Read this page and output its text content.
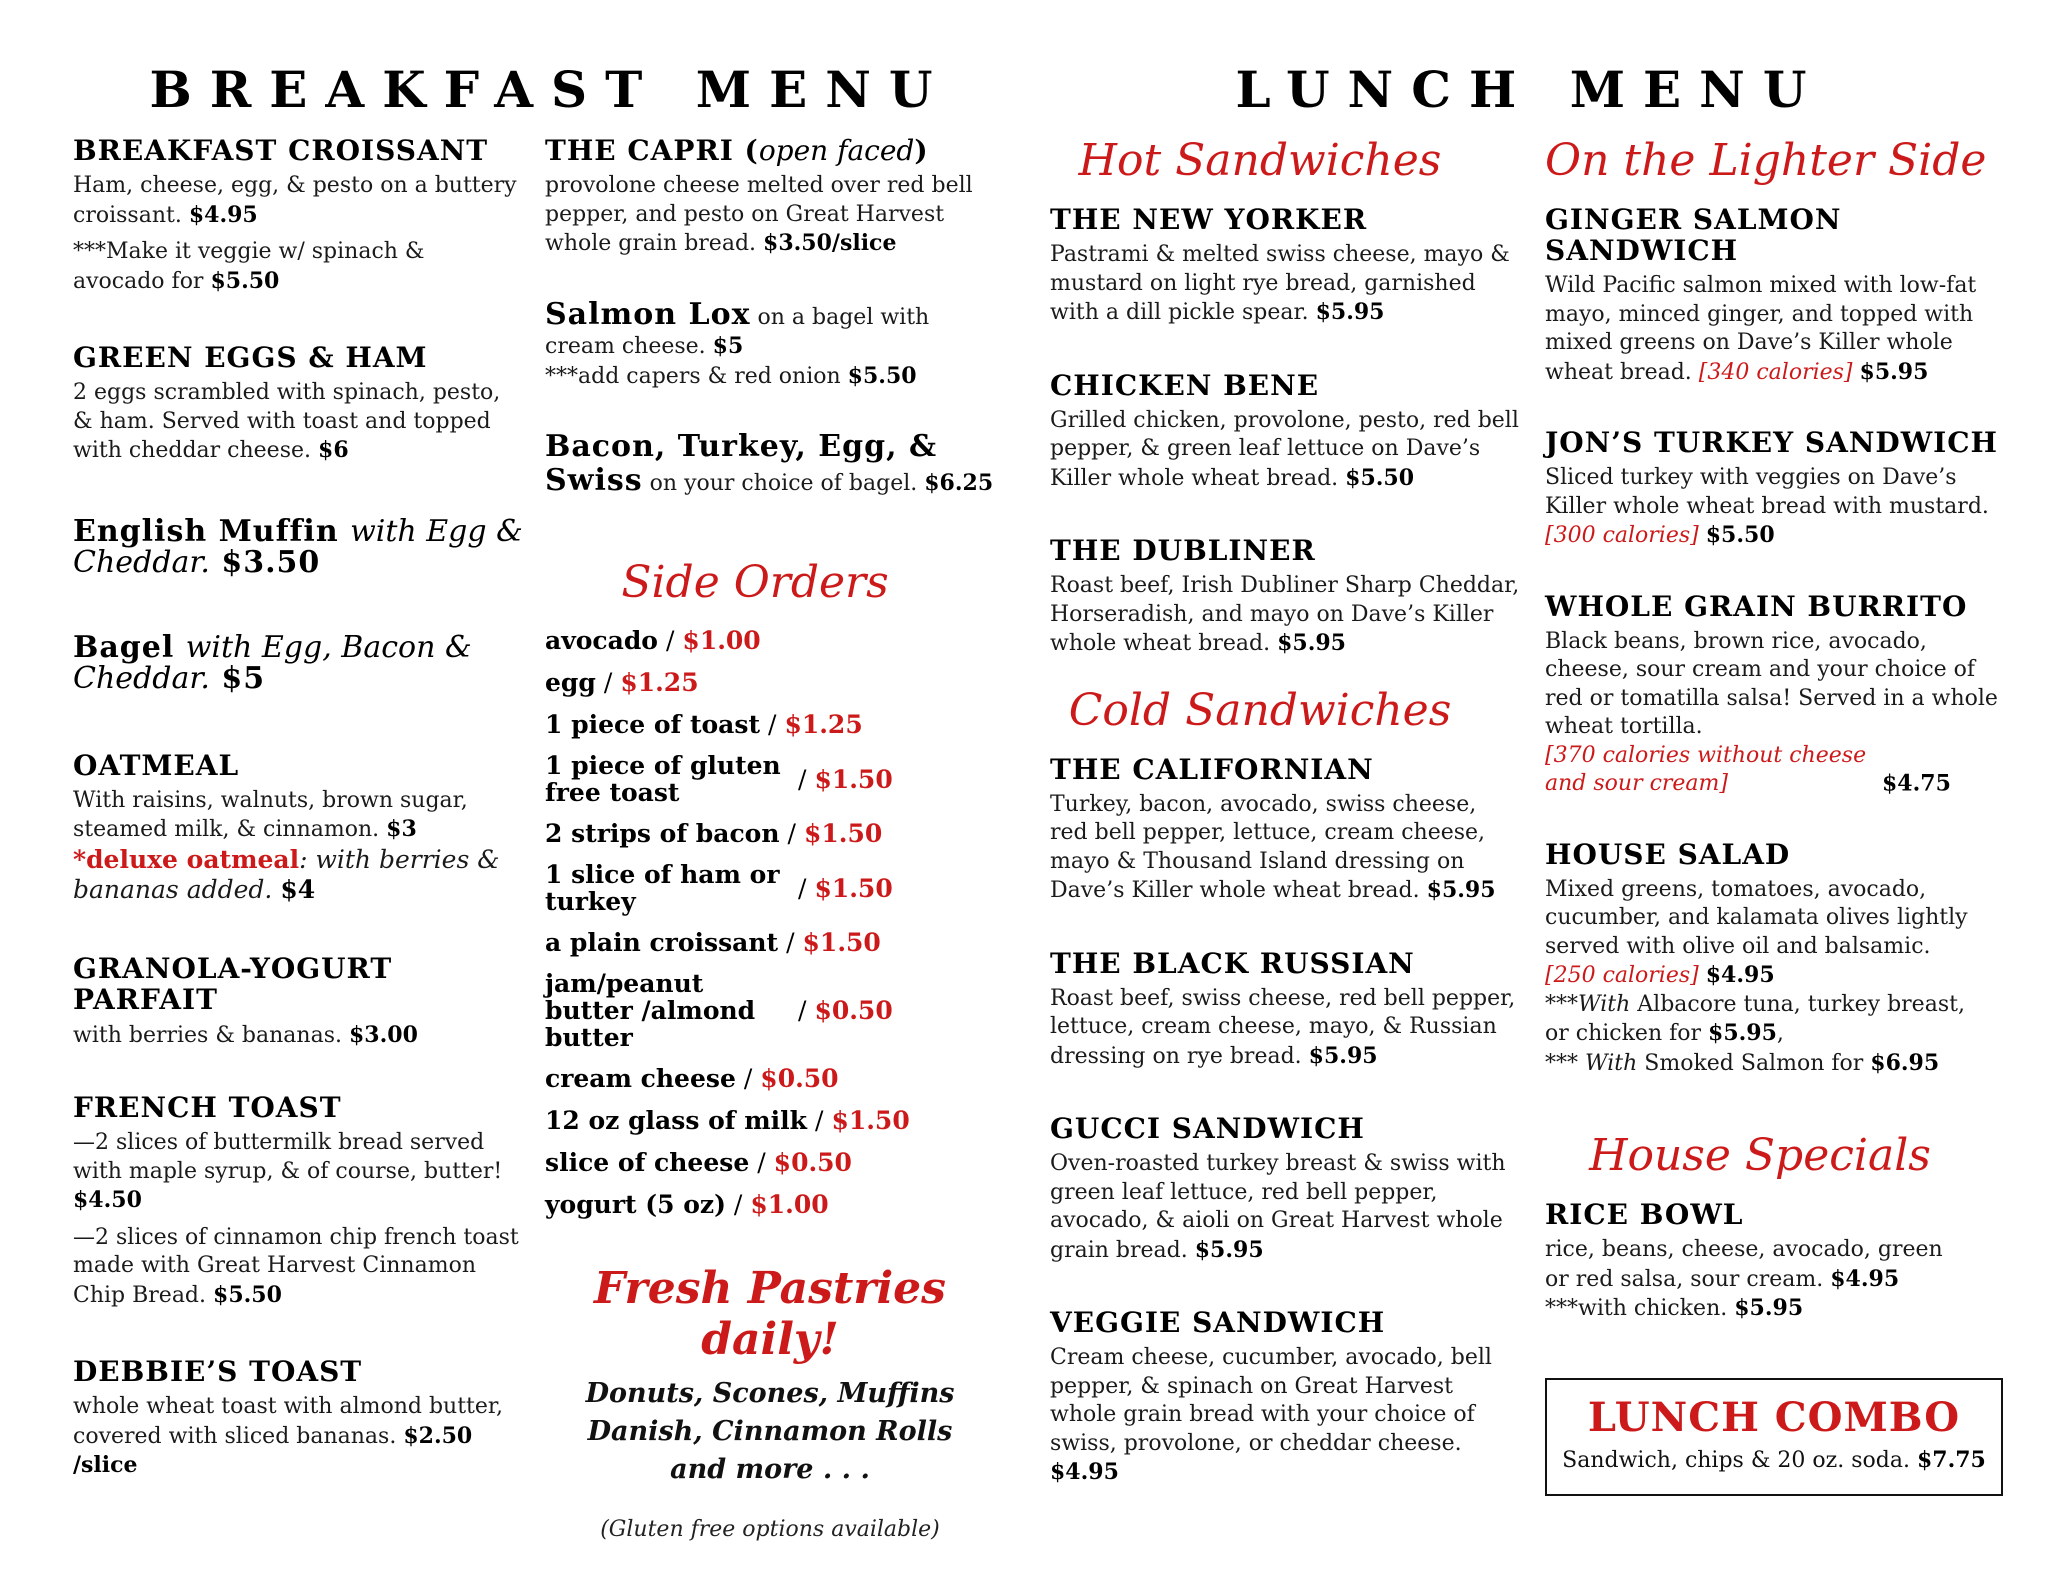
BREAKFAST MENU	LUNCH MENU
BREAKFAST CROISSANT

Ham, cheese, egg, & pesto on a buttery croissant. $4.95

***Make it veggie w/ spinach & avocado for $5.50

GREEN EGGS & HAM

2 eggs scrambled with spinach, pesto, & ham. Served with toast and topped with cheddar cheese. $6

English Muffin with Egg & Cheddar. $3.50
Bagel with Egg, Bacon & Cheddar. $5
OATMEAL

With raisins, walnuts, brown sugar, steamed milk, & cinnamon. $3

*deluxe oatmeal: with berries & bananas added. $4

GRANOLA-YOGURT PARFAIT

with berries & bananas. $3.00

FRENCH TOAST

—2 slices of buttermilk bread served with maple syrup, & of course, butter! $4.50

—2 slices of cinnamon chip french toast made with Great Harvest Cinnamon Chip Bread. $5.50

DEBBIE’S TOAST

whole wheat toast with almond butter, covered with sliced bananas. $2.50 /slice

THE CAPRI (open faced)

provolone cheese melted over red bell pepper, and pesto on Great Harvest whole grain bread. $3.50/slice

Salmon Lox on a bagel with cream cheese. $5

***add capers & red onion $5.50

Bacon, Turkey, Egg, & Swiss on your choice of bagel. $6.25

Side Orders
avocado / $1.00
egg / $1.25
1 piece of toast / $1.25
1 piece of gluten free toast	/ $1.50
2 strips of bacon / $1.50
1 slice of ham or turkey	/ $1.50
a plain croissant / $1.50
jam/peanut butter /almond butter
/ $0.50
cream cheese / $0.50
12 oz glass of milk / $1.50
slice of cheese / $0.50
yogurt (5 oz) / $1.00
Fresh Pastries daily!
Donuts, Scones, Muffins
Danish, Cinnamon Rolls
and more . . .
(Gluten free options available)
Hot Sandwiches
THE NEW YORKER

Pastrami & melted swiss cheese, mayo & mustard on light rye bread, garnished with a dill pickle spear. $5.95

CHICKEN BENE

Grilled chicken, provolone, pesto, red bell pepper, & green leaf lettuce on Dave’s Killer whole wheat bread. $5.50

THE DUBLINER

Roast beef, Irish Dubliner Sharp Cheddar, Horseradish, and mayo on Dave’s Killer whole wheat bread. $5.95

Cold Sandwiches
THE CALIFORNIAN

Turkey, bacon, avocado, swiss cheese, red bell pepper, lettuce, cream cheese, mayo & Thousand Island dressing on Dave’s Killer whole wheat bread. $5.95

THE BLACK RUSSIAN

Roast beef, swiss cheese, red bell pepper, lettuce, cream cheese, mayo, & Russian dressing on rye bread. $5.95

GUCCI SANDWICH

Oven-roasted turkey breast & swiss with green leaf lettuce, red bell pepper, avocado, & aioli on Great Harvest whole grain bread. $5.95

VEGGIE SANDWICH

Cream cheese, cucumber, avocado, bell pepper, & spinach on Great Harvest whole grain bread with your choice of swiss, provolone, or cheddar cheese. $4.95

On the Lighter Side
GINGER SALMON SANDWICH

Wild Pacific salmon mixed with low-fat mayo, minced ginger, and topped with mixed greens on Dave’s Killer whole wheat bread. [340 calories] $5.95

JON’S TURKEY SANDWICH

Sliced turkey with veggies on Dave’s Killer whole wheat bread with mustard. [300 calories] $5.50

WHOLE GRAIN BURRITO

Black beans, brown rice, avocado, cheese, sour cream and your choice of red or tomatilla salsa! Served in a whole wheat tortilla. [370 calories without cheese and sour cream]	$4.75

HOUSE SALAD

Mixed greens, tomatoes, avocado, cucumber, and kalamata olives lightly served with olive oil and balsamic. [250 calories] $4.95

***With Albacore tuna, turkey breast, or chicken for $5.95,

*** With Smoked Salmon for $6.95

House Specials
RICE BOWL

rice, beans, cheese, avocado, green or red salsa, sour cream. $4.95

***with chicken. $5.95

LUNCH COMBO
Sandwich, chips & 20 oz. soda. $7.75
